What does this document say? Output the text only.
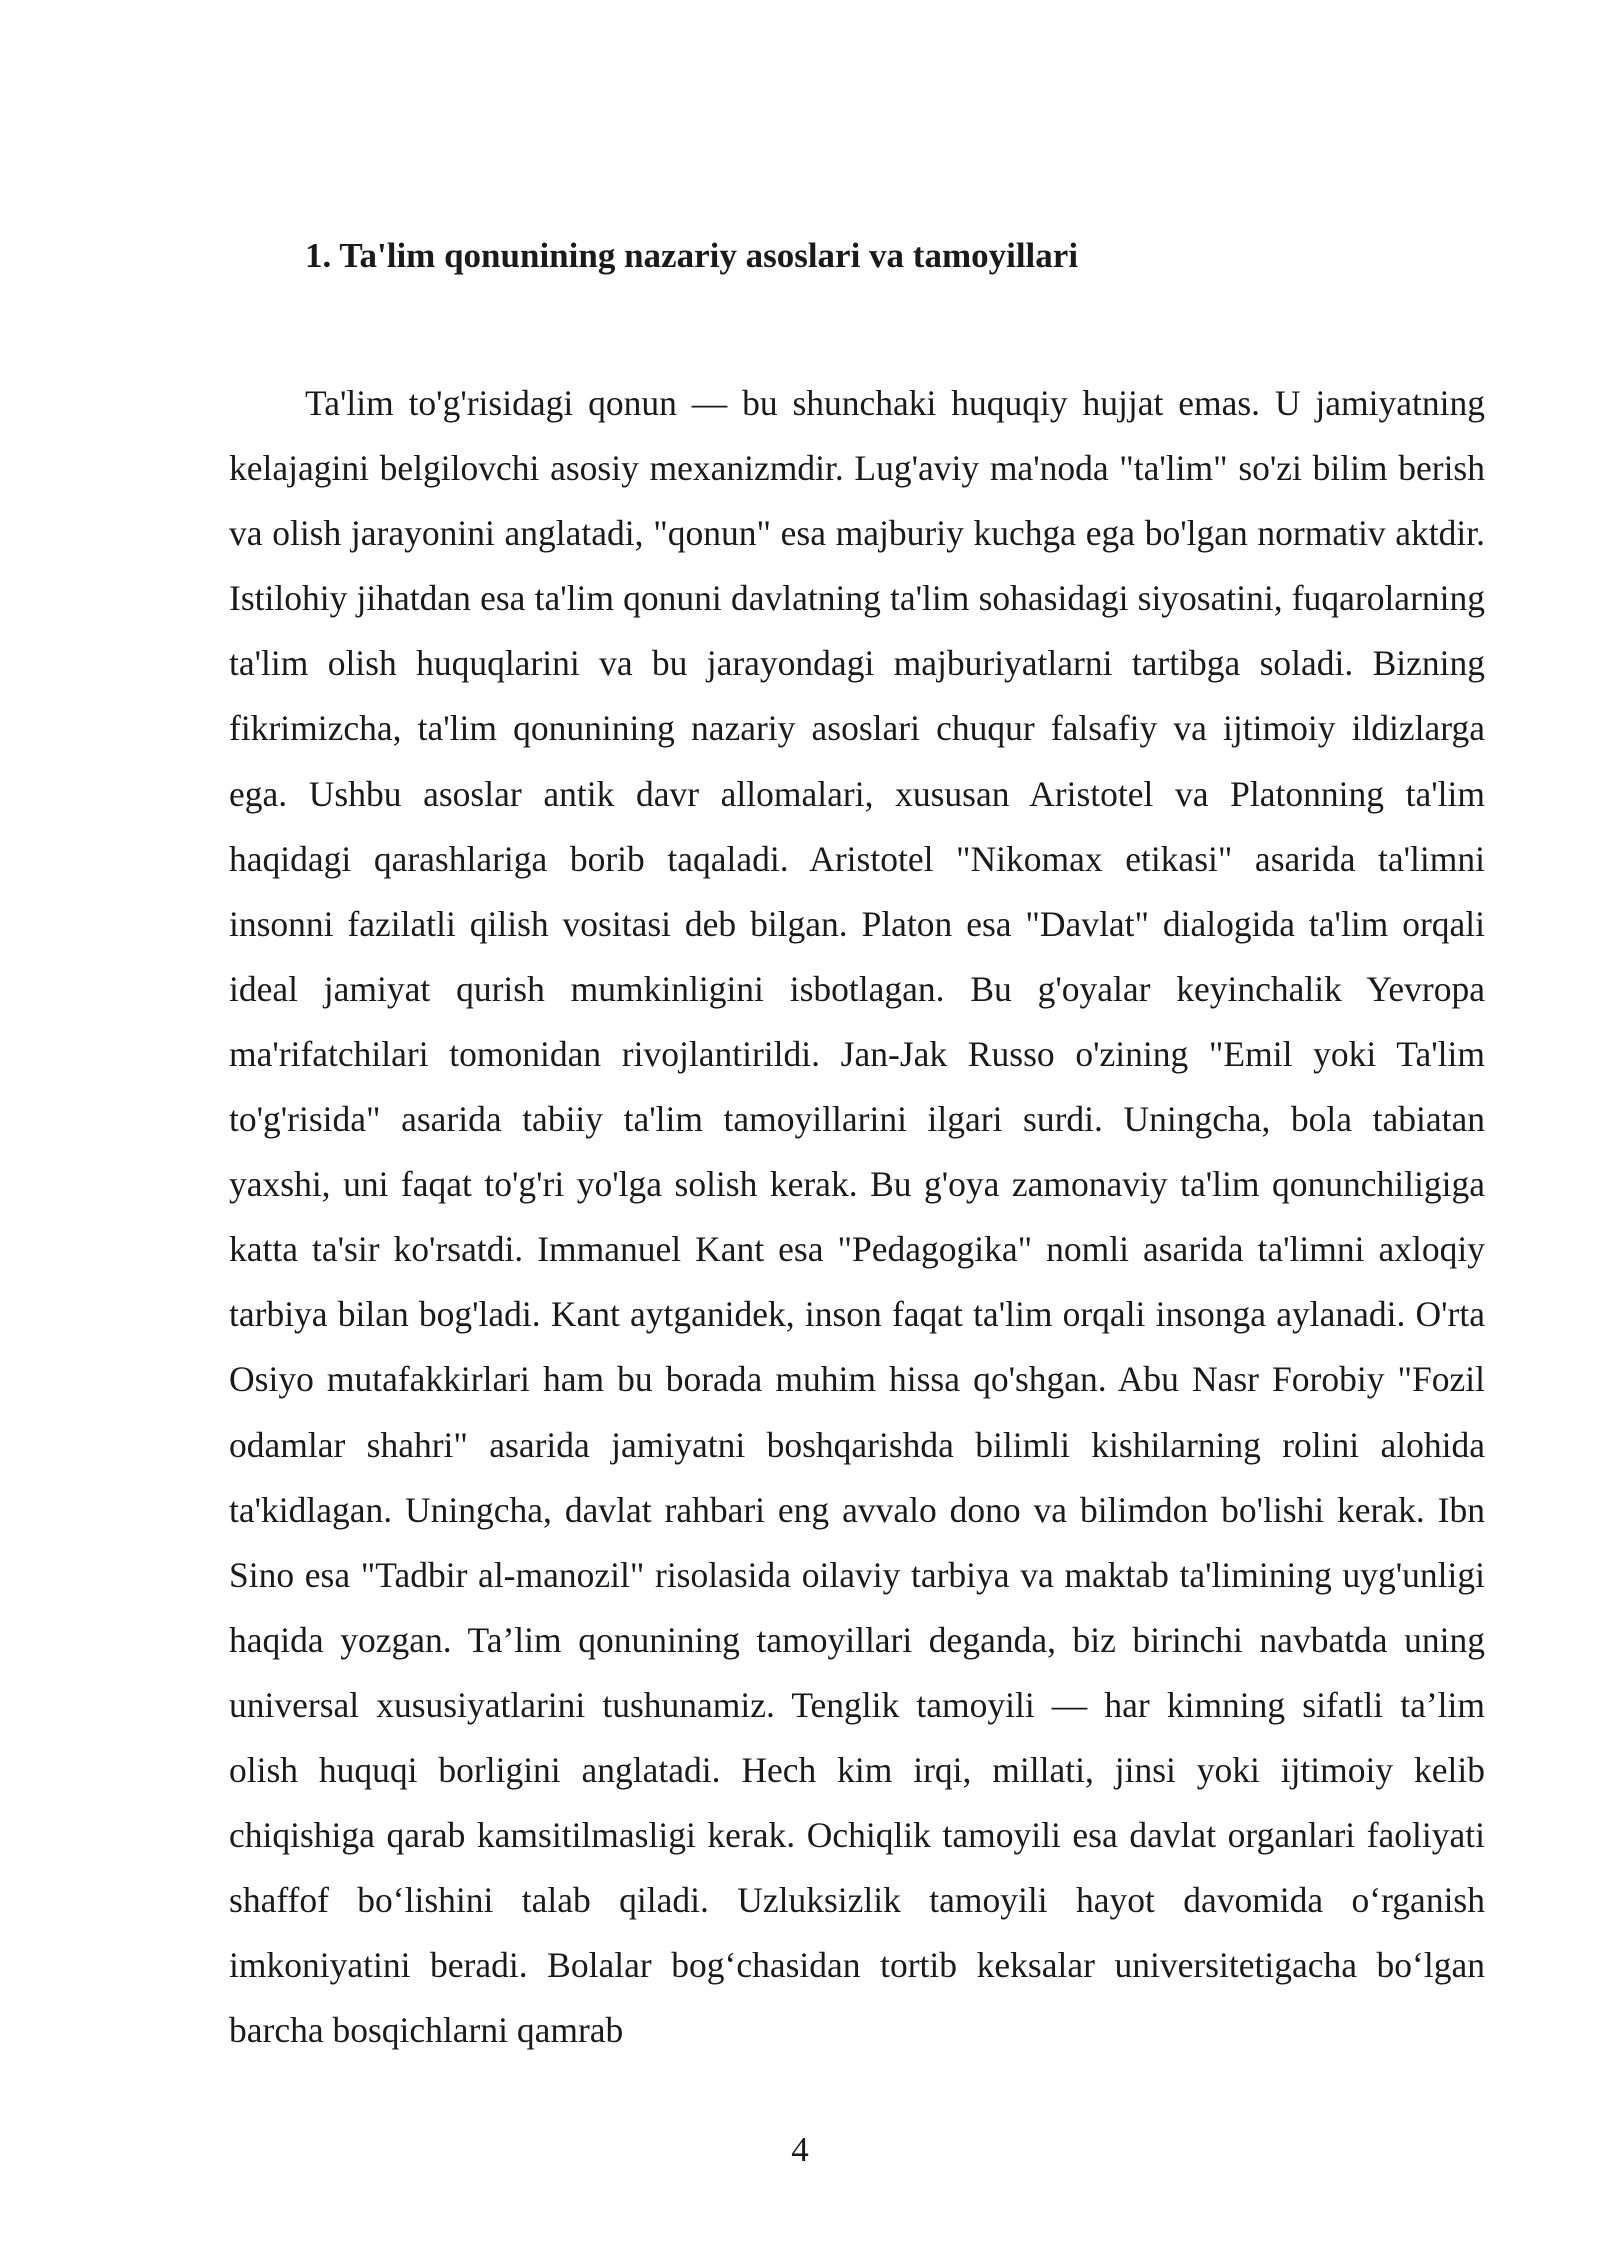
1. Ta'lim qonunining nazariy asoslari va tamoyillari

Ta'lim to'g'risidagi qonun — bu shunchaki huquqiy hujjat emas. U jamiyatning kelajagini belgilovchi asosiy mexanizmdir. Lug'aviy ma'noda "ta'lim" so'zi bilim berish va olish jarayonini anglatadi, "qonun" esa majburiy kuchga ega bo'lgan normativ aktdir. Istilohiy jihatdan esa ta'lim qonuni davlatning ta'lim sohasidagi siyosatini, fuqarolarning ta'lim olish huquqlarini va bu jarayondagi majburiyatlarni tartibga soladi. Bizning fikrimizcha, ta'lim qonunining nazariy asoslari chuqur falsafiy va ijtimoiy ildizlarga ega. Ushbu asoslar antik davr allomalari, xususan Aristotel va Platonning ta'lim haqidagi qarashlariga borib taqaladi. Aristotel "Nikomax etikasi" asarida ta'limni insonni fazilatli qilish vositasi deb bilgan. Platon esa "Davlat" dialogida ta'lim orqali ideal jamiyat qurish mumkinligini isbotlagan. Bu g'oyalar keyinchalik Yevropa ma'rifatchilari tomonidan rivojlantirildi. Jan-Jak Russo o'zining "Emil yoki Ta'lim to'g'risida" asarida tabiiy ta'lim tamoyillarini ilgari surdi. Uningcha, bola tabiatan yaxshi, uni faqat to'g'ri yo'lga solish kerak. Bu g'oya zamonaviy ta'lim qonunchiligiga katta ta'sir ko'rsatdi. Immanuel Kant esa "Pedagogika" nomli asarida ta'limni axloqiy tarbiya bilan bog'ladi. Kant aytganidek, inson faqat ta'lim orqali insonga aylanadi. O'rta Osiyo mutafakkirlari ham bu borada muhim hissa qo'shgan. Abu Nasr Forobiy "Fozil odamlar shahri" asarida jamiyatni boshqarishda bilimli kishilarning rolini alohida ta'kidlagan. Uningcha, davlat rahbari eng avvalo dono va bilimdon bo'lishi kerak. Ibn Sino esa "Tadbir al-manozil" risolasida oilaviy tarbiya va maktab ta'limining uyg'unligi haqida yozgan. Ta’lim qonunining tamoyillari deganda, biz birinchi navbatda uning universal xususiyatlarini tushunamiz. Tenglik tamoyili — har kimning sifatli ta’lim olish huquqi borligini anglatadi. Hech kim irqi, millati, jinsi yoki ijtimoiy kelib chiqishiga qarab kamsitilmasligi kerak. Ochiqlik tamoyili esa davlat organlari faoliyati shaffof boʻlishini talab qiladi. Uzluksizlik tamoyili hayot davomida oʻrganish imkoniyatini beradi. Bolalar bogʻchasidan tortib keksalar universitetigacha boʻlgan barcha bosqichlarni qamrab

4
